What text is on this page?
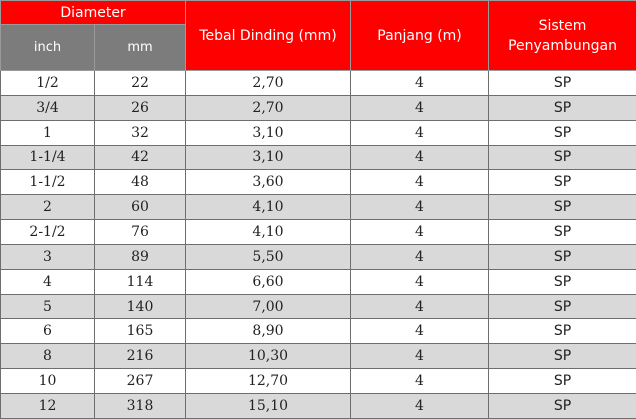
Diameter		Tebal Dinding (mm)	Panjang (m)	Sistem
Penyambungan
inch	mm			
1/2	22	2,70	4	SP
3/4	26	2,70	4	SP
1	32	3,10	4	SP
1-1/4	42	3,10	4	SP
1-1/2	48	3,60	4	SP
2	60	4,10	4	SP
2-1/2	76	4,10	4	SP
3	89	5,50	4	SP
4	114	6,60	4	SP
5	140	7,00	4	SP
6	165	8,90	4	SP
8	216	10,30	4	SP
10	267	12,70	4	SP
12	318	15,10	4	SP
